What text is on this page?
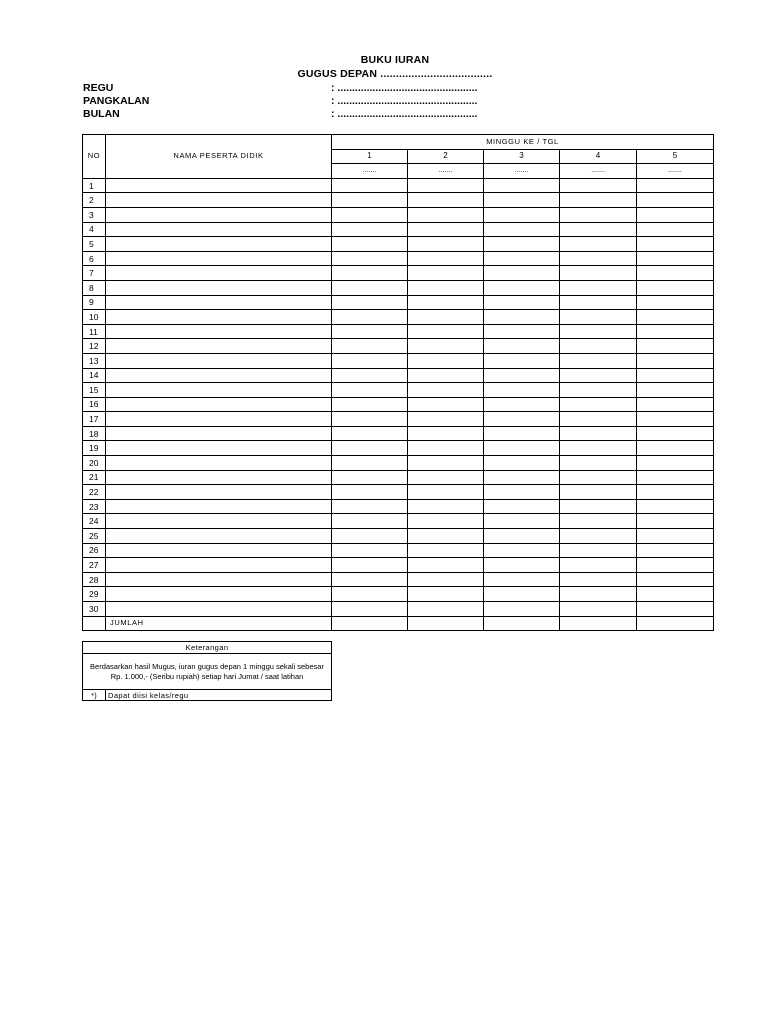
BUKU IURAN
GUGUS DEPAN ....................................
REGU	: ................................................
PANGKALAN	: ................................................
BULAN	: ................................................
NO	NAMA PESERTA DIDIK	MINGGU KE / TGL				
		1	2	3	4	5
		.......	.......	.......	.......	.......
1						
2						
3						
4						
5						
6						
7						
8						
9						
10						
11						
12						
13						
14						
15						
16						
17						
18						
19						
20						
21						
22						
23						
24						
25						
26						
27						
28						
29						
30						
	JUMLAH					
Keterangan
Berdasarkan hasil Mugus, iuran gugus depan 1 minggu sekali sebesar Rp. 1.000,- (Seribu rupiah) setiap hari Jumat / saat latihan
*)	Dapat diisi kelas/regu
